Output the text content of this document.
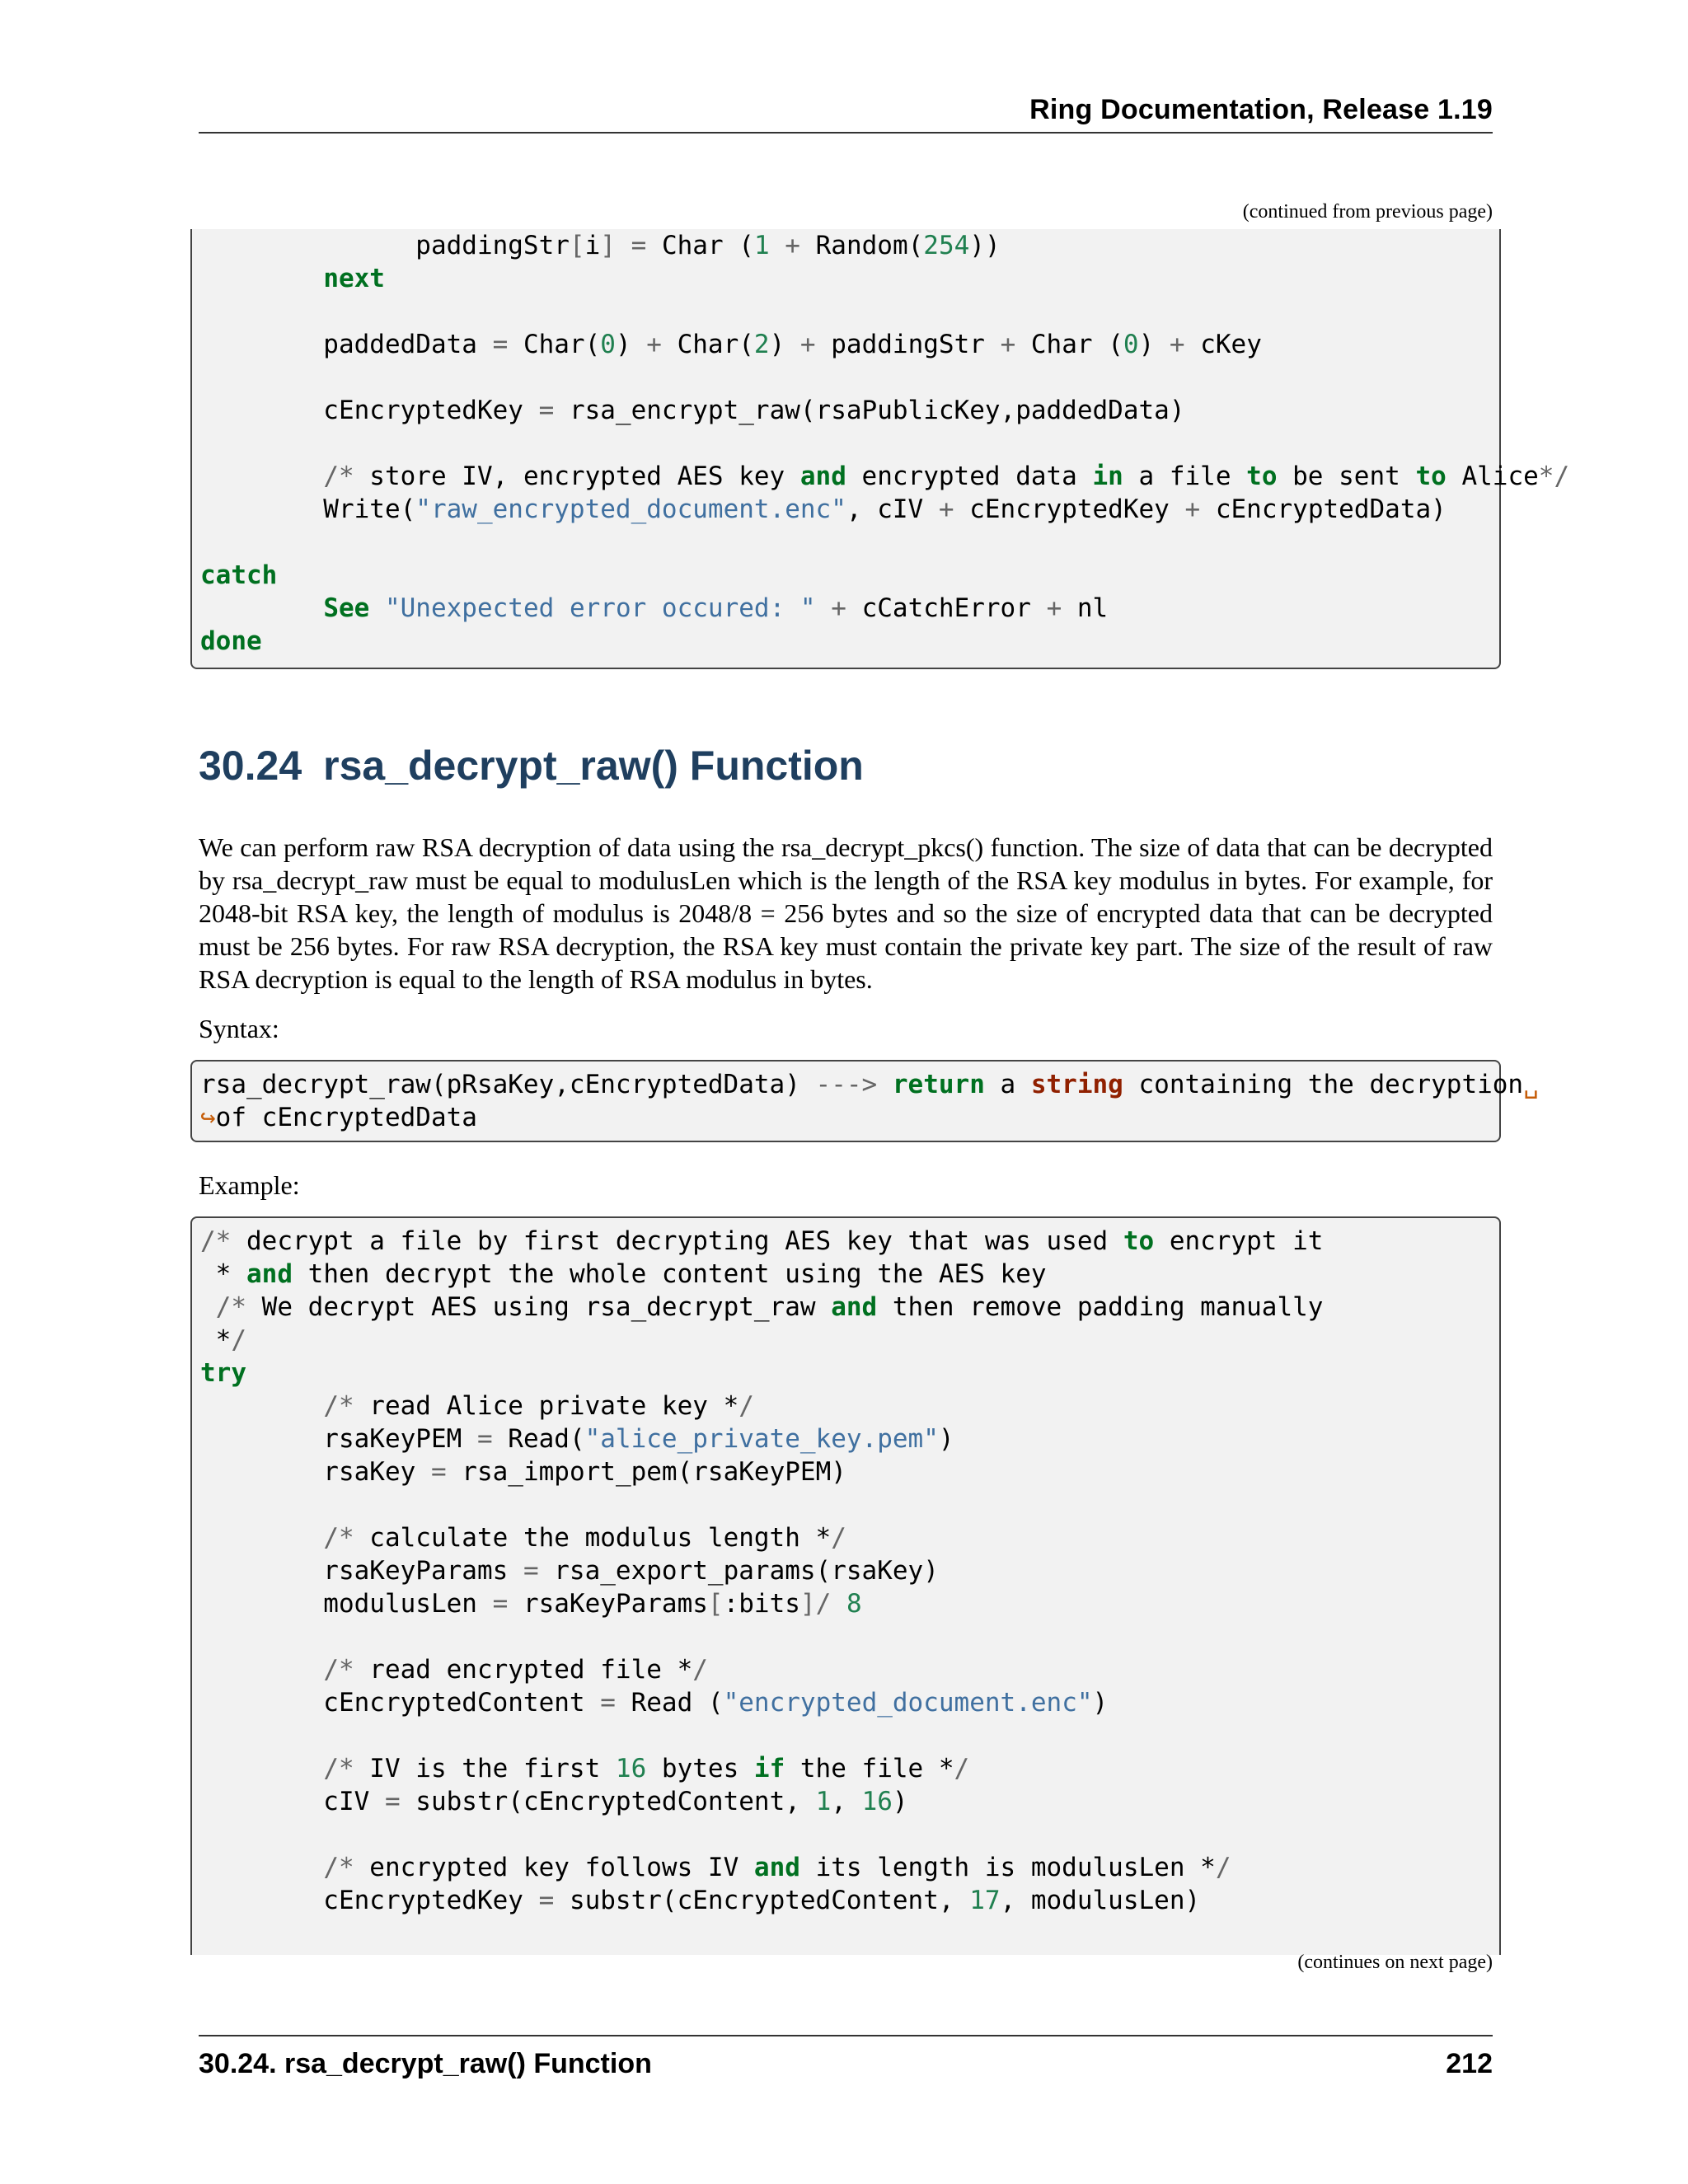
Ring Documentation, Release 1.19
(continued from previous page)
paddingStr[i] = Char (1 + Random(254))
next

paddedData = Char(0) + Char(2) + paddingStr + Char (0) + cKey

cEncryptedKey = rsa_encrypt_raw(rsaPublicKey,paddedData)

/* store IV, encrypted AES key and encrypted data in a file to be sent to Alice*/
Write("raw_encrypted_document.enc", cIV + cEncryptedKey + cEncryptedData)

catch
See "Unexpected error occured: " + cCatchError + nl
done
30.24 rsa_decrypt_raw() Function

We can perform raw RSA decryption of data using the rsa_decrypt_pkcs() function. The size of data that can be decrypted by rsa_decrypt_raw must be equal to modulusLen which is the length of the RSA key modulus in bytes. For example, for 2048-bit RSA key, the length of modulus is 2048/8 = 256 bytes and so the size of encrypted data that can be decrypted must be 256 bytes. For raw RSA decryption, the RSA key must contain the private key part. The size of the result of raw RSA decryption is equal to the length of RSA modulus in bytes.

Syntax:

rsa_decrypt_raw(pRsaKey,cEncryptedData) ---> return a string containing the decryption␣
↪of cEncryptedData

Example:

/* decrypt a file by first decrypting AES key that was used to encrypt it
* and then decrypt the whole content using the AES key
/* We decrypt AES using rsa_decrypt_raw and then remove padding manually
*/
try
/* read Alice private key */
rsaKeyPEM = Read("alice_private_key.pem")
rsaKey = rsa_import_pem(rsaKeyPEM)

/* calculate the modulus length */
rsaKeyParams = rsa_export_params(rsaKey)
modulusLen = rsaKeyParams[:bits]/ 8

/* read encrypted file */
cEncryptedContent = Read ("encrypted_document.enc")

/* IV is the first 16 bytes if the file */
cIV = substr(cEncryptedContent, 1, 16)

/* encrypted key follows IV and its length is modulusLen */
cEncryptedKey = substr(cEncryptedContent, 17, modulusLen)

(continues on next page)
30.24. rsa_decrypt_raw() Function	212
